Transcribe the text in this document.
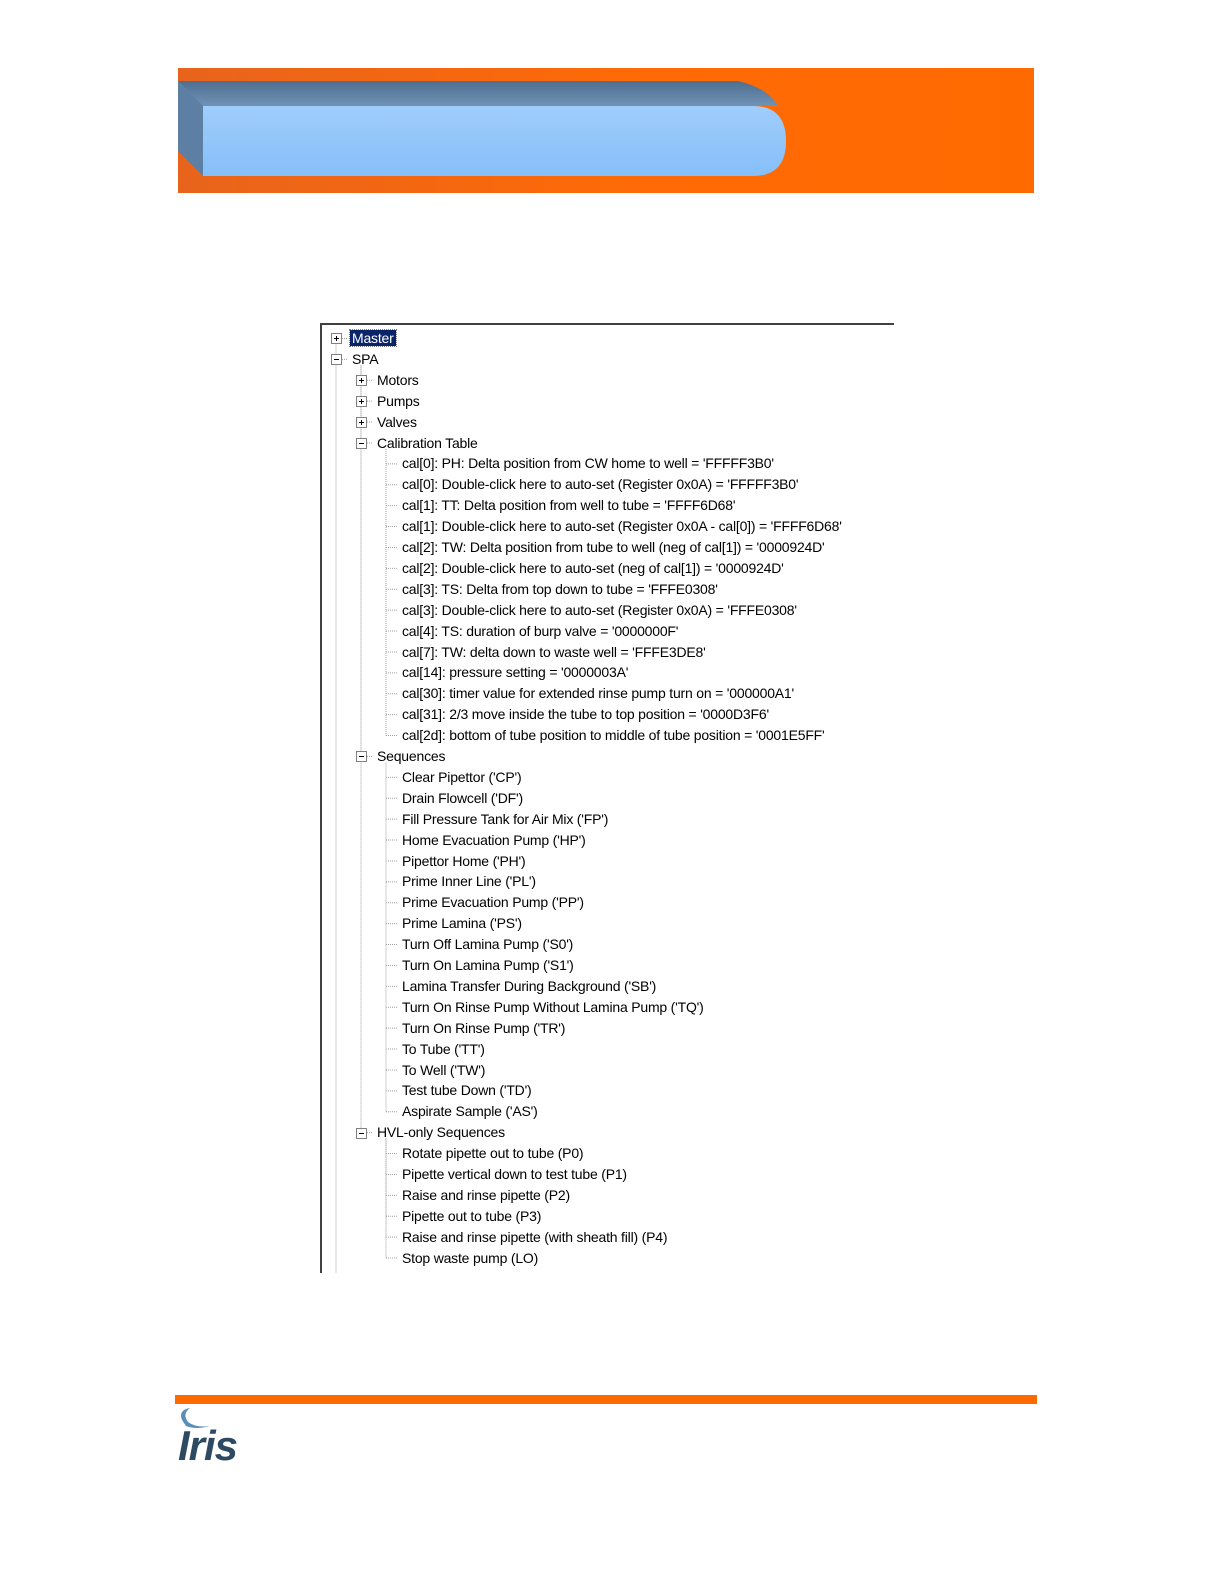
Master
SPA
Motors
Pumps
Valves
Calibration Table
cal[0]: PH: Delta position from CW home to well = 'FFFFF3B0'
cal[0]: Double-click here to auto-set (Register 0x0A) = 'FFFFF3B0'
cal[1]: TT: Delta position from well to tube = 'FFFF6D68'
cal[1]: Double-click here to auto-set (Register 0x0A - cal[0]) = 'FFFF6D68'
cal[2]: TW: Delta position from tube to well (neg of cal[1]) = '0000924D'
cal[2]: Double-click here to auto-set (neg of cal[1]) = '0000924D'
cal[3]: TS: Delta from top down to tube = 'FFFE0308'
cal[3]: Double-click here to auto-set (Register 0x0A) = 'FFFE0308'
cal[4]: TS: duration of burp valve = '0000000F'
cal[7]: TW: delta down to waste well = 'FFFE3DE8'
cal[14]: pressure setting = '0000003A'
cal[30]: timer value for extended rinse pump turn on = '000000A1'
cal[31]: 2/3 move inside the tube to top position = '0000D3F6'
cal[2d]: bottom of tube position to middle of tube position = '0001E5FF'
Sequences
Clear Pipettor ('CP')
Drain Flowcell ('DF')
Fill Pressure Tank for Air Mix ('FP')
Home Evacuation Pump ('HP')
Pipettor Home ('PH')
Prime Inner Line ('PL')
Prime Evacuation Pump ('PP')
Prime Lamina ('PS')
Turn Off Lamina Pump ('S0')
Turn On Lamina Pump ('S1')
Lamina Transfer During Background ('SB')
Turn On Rinse Pump Without Lamina Pump ('TQ')
Turn On Rinse Pump ('TR')
To Tube ('TT')
To Well ('TW')
Test tube Down ('TD')
Aspirate Sample ('AS')
HVL-only Sequences
Rotate pipette out to tube (P0)
Pipette vertical down to test tube (P1)
Raise and rinse pipette (P2)
Pipette out to tube (P3)
Raise and rinse pipette (with sheath fill) (P4)
Stop waste pump (LO)
Iris
